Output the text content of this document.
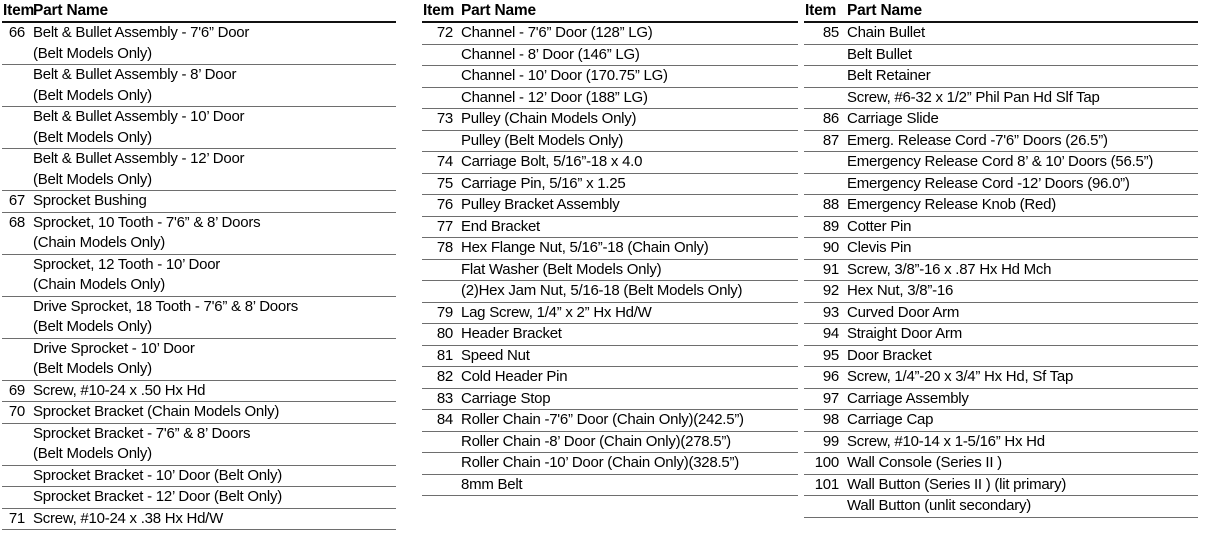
Item	Part Name

66	Belt & Bullet Assembly - 7'6” Door
	(Belt Models Only)
	Belt & Bullet Assembly - 8’ Door
	(Belt Models Only)
	Belt & Bullet Assembly - 10’ Door
	(Belt Models Only)
	Belt & Bullet Assembly - 12’ Door
	(Belt Models Only)
67	Sprocket Bushing
68	Sprocket, 10 Tooth - 7'6” & 8’ Doors
	(Chain Models Only)
	Sprocket, 12 Tooth - 10’ Door
	(Chain Models Only)
	Drive Sprocket, 18 Tooth - 7'6” & 8’ Doors
	(Belt Models Only)
	Drive Sprocket - 10’ Door
	(Belt Models Only)
69	Screw, #10-24 x .50 Hx Hd
70	Sprocket Bracket (Chain Models Only)
	Sprocket Bracket - 7'6” & 8’ Doors
	(Belt Models Only)
	Sprocket Bracket - 10’ Door (Belt Only)
	Sprocket Bracket - 12’ Door (Belt Only)
71	Screw, #10-24 x .38 Hx Hd/W

Item	Part Name

72	Channel - 7'6” Door (128” LG)
	Channel - 8’ Door (146” LG)
	Channel - 10’ Door (170.75” LG)
	Channel - 12’ Door (188” LG)
73	Pulley (Chain Models Only)
	Pulley (Belt Models Only)
74	Carriage Bolt, 5/16”-18 x 4.0
75	Carriage Pin, 5/16” x 1.25
76	Pulley Bracket Assembly
77	End Bracket
78	Hex Flange Nut, 5/16”-18 (Chain Only)
	Flat Washer (Belt Models Only)
	(2)Hex Jam Nut, 5/16-18 (Belt Models Only)
79	Lag Screw, 1/4” x 2” Hx Hd/W
80	Header Bracket
81	Speed Nut
82	Cold Header Pin
83	Carriage Stop
84	Roller Chain -7'6” Door (Chain Only)(242.5”)
	Roller Chain -8’ Door (Chain Only)(278.5”)
	Roller Chain -10’ Door (Chain Only)(328.5”)
	8mm Belt

Item	Part Name

85	Chain Bullet
	Belt Bullet
	Belt Retainer
	Screw, #6-32 x 1/2” Phil Pan Hd Slf Tap
86	Carriage Slide
87	Emerg. Release Cord -7'6” Doors (26.5”)
	Emergency Release Cord 8’ & 10’ Doors (56.5”)
	Emergency Release Cord -12’ Doors (96.0”)
88	Emergency Release Knob (Red)
89	Cotter Pin
90	Clevis Pin
91	Screw, 3/8”-16 x .87 Hx Hd Mch
92	Hex Nut, 3/8”-16
93	Curved Door Arm
94	Straight Door Arm
95	Door Bracket
96	Screw, 1/4”-20 x 3/4” Hx Hd, Sf Tap
97	Carriage Assembly
98	Carriage Cap
99	Screw, #10-14 x 1-5/16” Hx Hd
100	Wall Console (Series II )
101	Wall Button (Series II ) (lit primary)
	Wall Button (unlit secondary)
